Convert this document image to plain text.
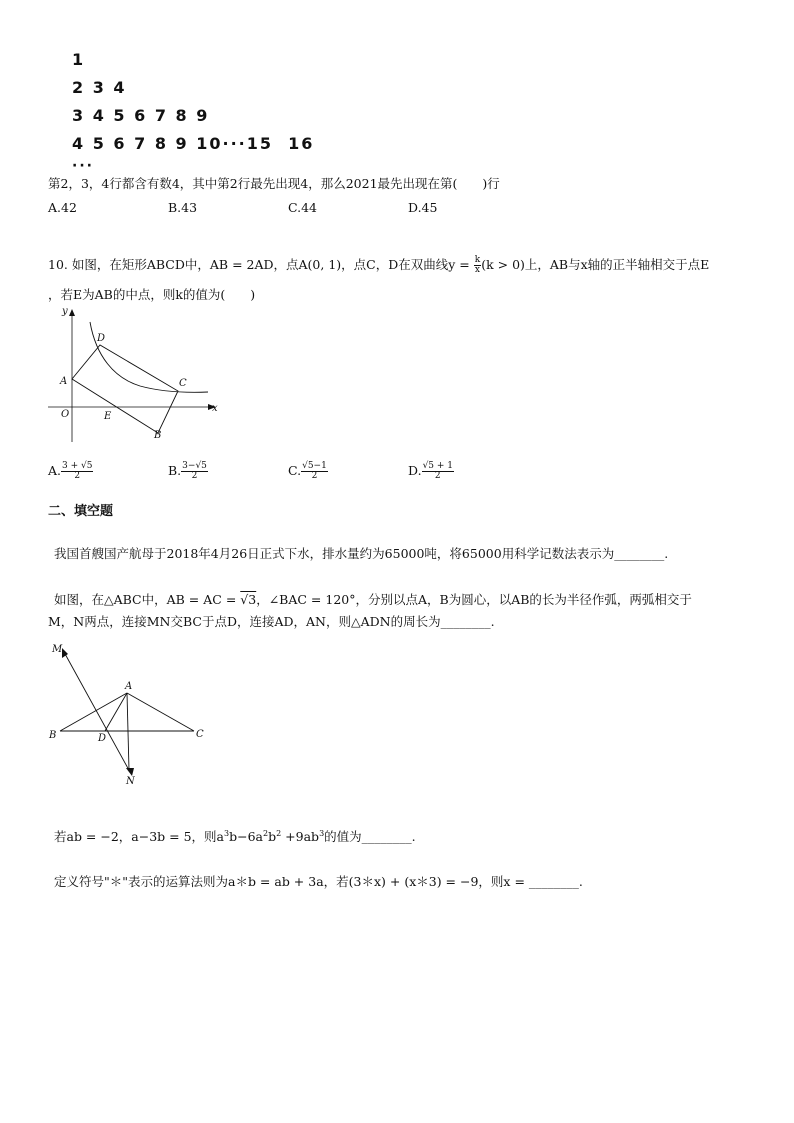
1
2 3 4
3 4 5 6 7 8 9
4 5 6 7 8 9 10···15  16
···
第2，3，4行都含有数4，其中第2行最先出现4，那么2021最先出现在第(　　)行
A.42	B.43	C.44	D.45
10. 如图，在矩形ABCD中，AB = 2AD，点A(0, 1)，点C，D在双曲线$y = \frac{k}{x} (k > 0)$上，AB与x轴的正半轴相交于点E
，若E为AB的中点，则k的值为(　　)
y
x
O
A
D
C
E
B
A. $\frac{3 + √5}{2}$	B. $\frac{3-√5}{2}$	C. $\frac{√5-1}{2}$	D. $\frac{√5 + 1}{2}$
二、填空题
我国首艘国产航母于2018年4月26日正式下水，排水量约为65000吨，将65000用科学记数法表示为________.
如图，在△ABC中，AB = AC = √3，∠BAC = 120°，分别以点A，B为圆心，以AB的长为半径作弧，两弧相交于
M，N两点，连接MN交BC于点D，连接AD，AN，则△ADN的周长为________.
M
A
B	C
D
N
若ab = −2，a−3b = 5，则$a^3b-6a^2b^2 +9ab^3$的值为________.
定义符号"＊"表示的运算法则为a＊b = ab + 3a，若(3＊x) + (x＊3) = −9，则x = ________.
